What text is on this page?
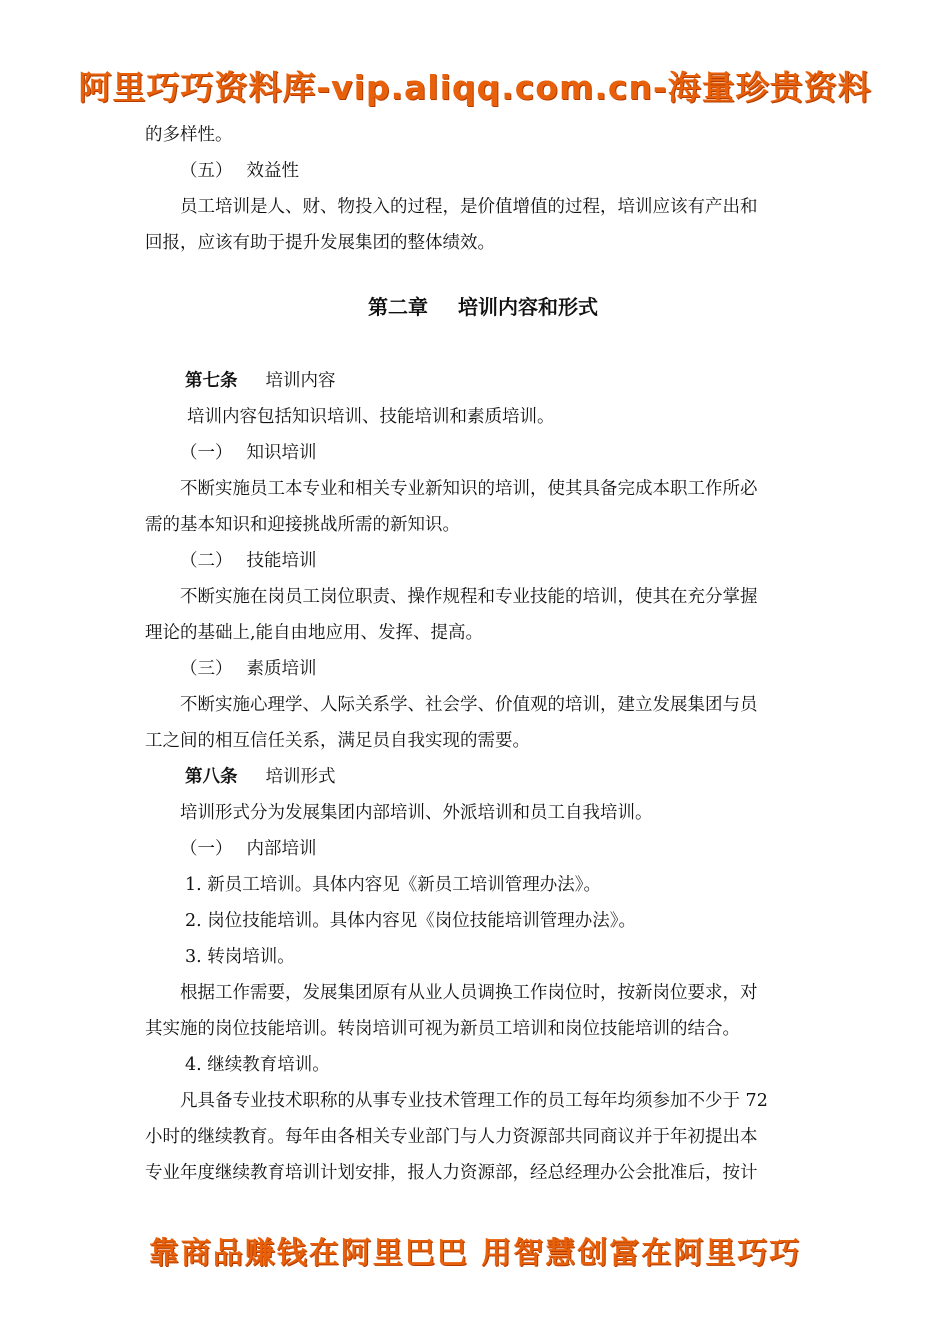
阿里巧巧资料库-vip.aliqq.com.cn-海量珍贵资料
的多样性。
（五） 效益性
员工培训是人、财、物投入的过程，是价值增值的过程，培训应该有产出和
回报，应该有助于提升发展集团的整体绩效。
第二章 培训内容和形式
第七条 培训内容
培训内容包括知识培训、技能培训和素质培训。
（一） 知识培训
不断实施员工本专业和相关专业新知识的培训，使其具备完成本职工作所必
需的基本知识和迎接挑战所需的新知识。
（二） 技能培训
不断实施在岗员工岗位职责、操作规程和专业技能的培训，使其在充分掌握
理论的基础上,能自由地应用、发挥、提高。
（三） 素质培训
不断实施心理学、人际关系学、社会学、价值观的培训，建立发展集团与员
工之间的相互信任关系，满足员自我实现的需要。
第八条 培训形式
培训形式分为发展集团内部培训、外派培训和员工自我培训。
（一） 内部培训
1. 新员工培训。具体内容见《新员工培训管理办法》。
2. 岗位技能培训。具体内容见《岗位技能培训管理办法》。
3. 转岗培训。
根据工作需要，发展集团原有从业人员调换工作岗位时，按新岗位要求，对
其实施的岗位技能培训。转岗培训可视为新员工培训和岗位技能培训的结合。
4. 继续教育培训。
凡具备专业技术职称的从事专业技术管理工作的员工每年均须参加不少于 72
小时的继续教育。每年由各相关专业部门与人力资源部共同商议并于年初提出本
专业年度继续教育培训计划安排，报人力资源部，经总经理办公会批准后，按计
靠商品赚钱在阿里巴巴 用智慧创富在阿里巧巧
